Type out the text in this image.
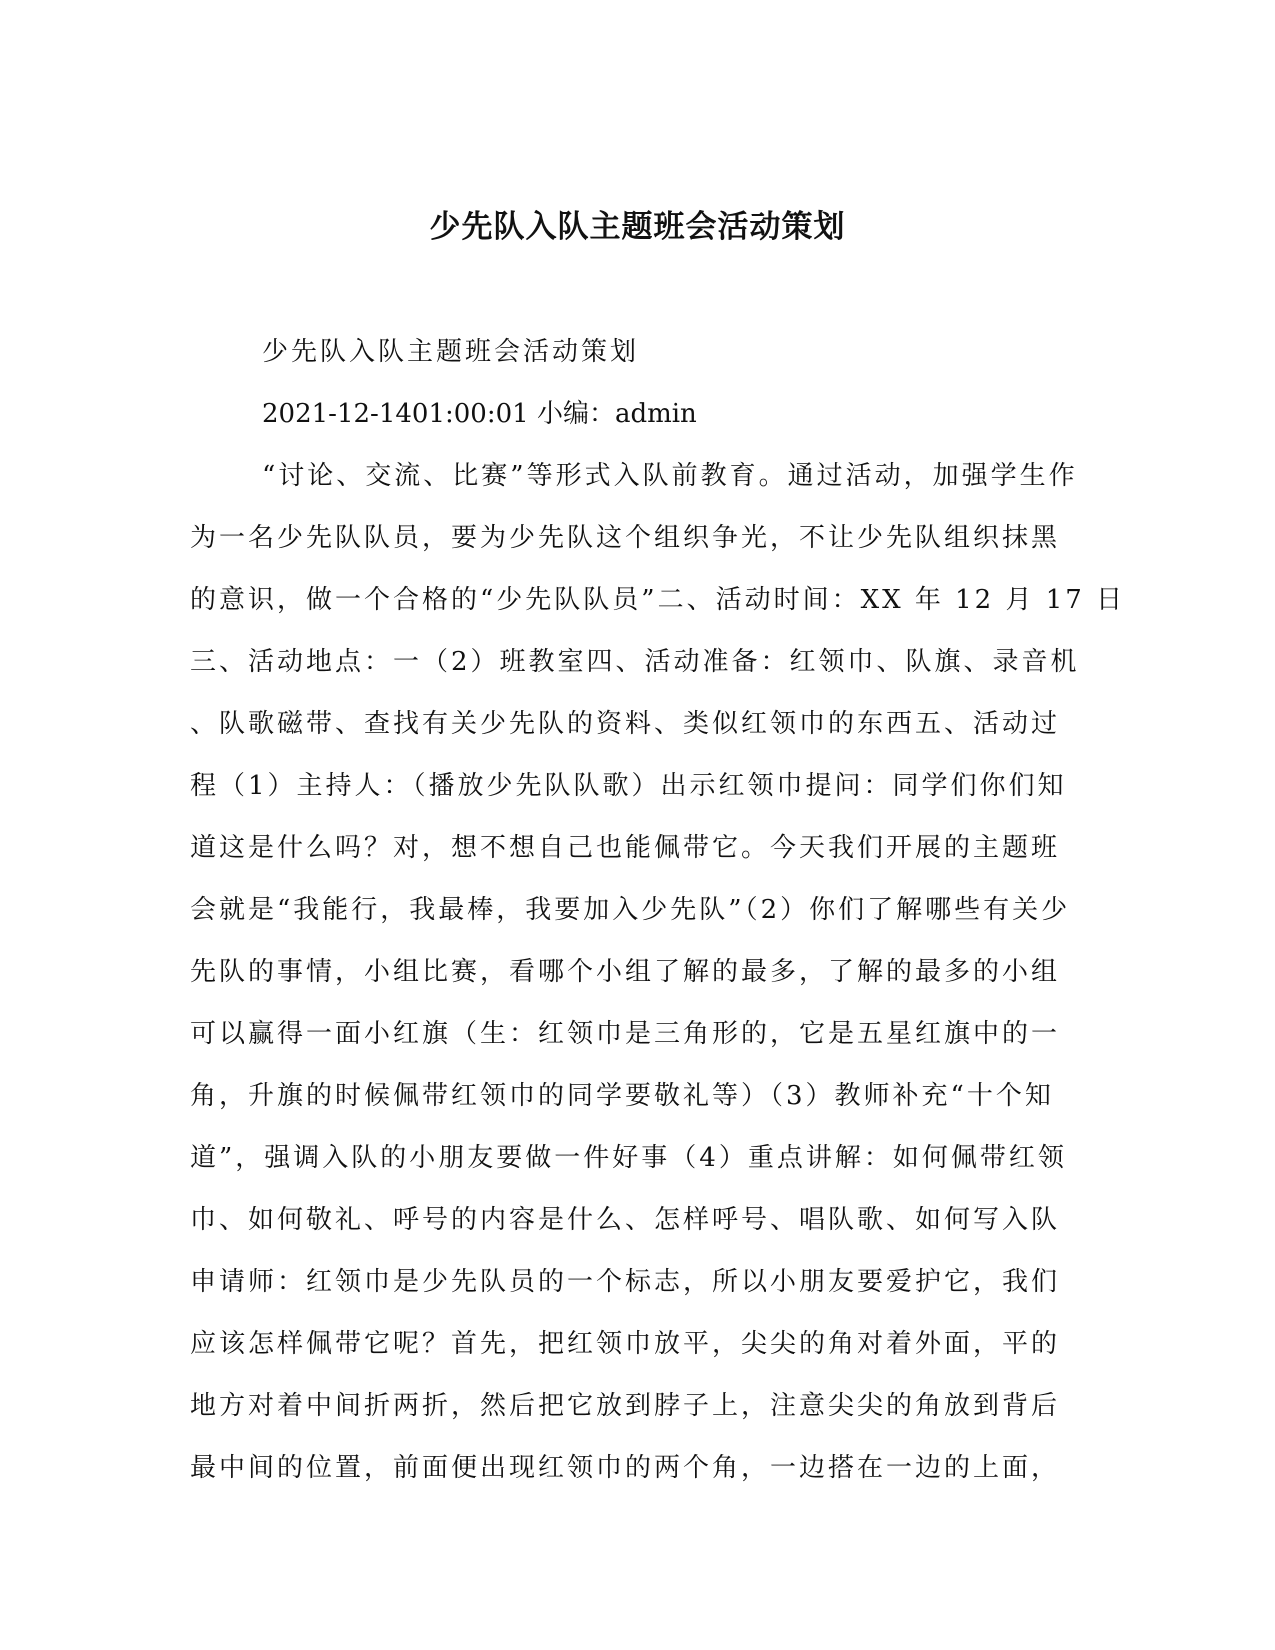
少先队入队主题班会活动策划
少先队入队主题班会活动策划
2021-12-1401:00:01 小编：admin
“讨论、交流、比赛”等形式入队前教育。通过活动，加强学生作
为一名少先队队员，要为少先队这个组织争光，不让少先队组织抹黑
的意识，做一个合格的“少先队队员”二、活动时间：XX 年 12 月 17 日
三、活动地点：一（2）班教室四、活动准备：红领巾、队旗、录音机
、队歌磁带、查找有关少先队的资料、类似红领巾的东西五、活动过
程（1）主持人：（播放少先队队歌）出示红领巾提问：同学们你们知
道这是什么吗？对，想不想自己也能佩带它。今天我们开展的主题班
会就是“我能行，我最棒，我要加入少先队”（2）你们了解哪些有关少
先队的事情，小组比赛，看哪个小组了解的最多，了解的最多的小组
可以赢得一面小红旗（生：红领巾是三角形的，它是五星红旗中的一
角，升旗的时候佩带红领巾的同学要敬礼等）（3）教师补充“十个知
道”，强调入队的小朋友要做一件好事（4）重点讲解：如何佩带红领
巾、如何敬礼、呼号的内容是什么、怎样呼号、唱队歌、如何写入队
申请师：红领巾是少先队员的一个标志，所以小朋友要爱护它，我们
应该怎样佩带它呢？首先，把红领巾放平，尖尖的角对着外面，平的
地方对着中间折两折，然后把它放到脖子上，注意尖尖的角放到背后
最中间的位置，前面便出现红领巾的两个角，一边搭在一边的上面，
